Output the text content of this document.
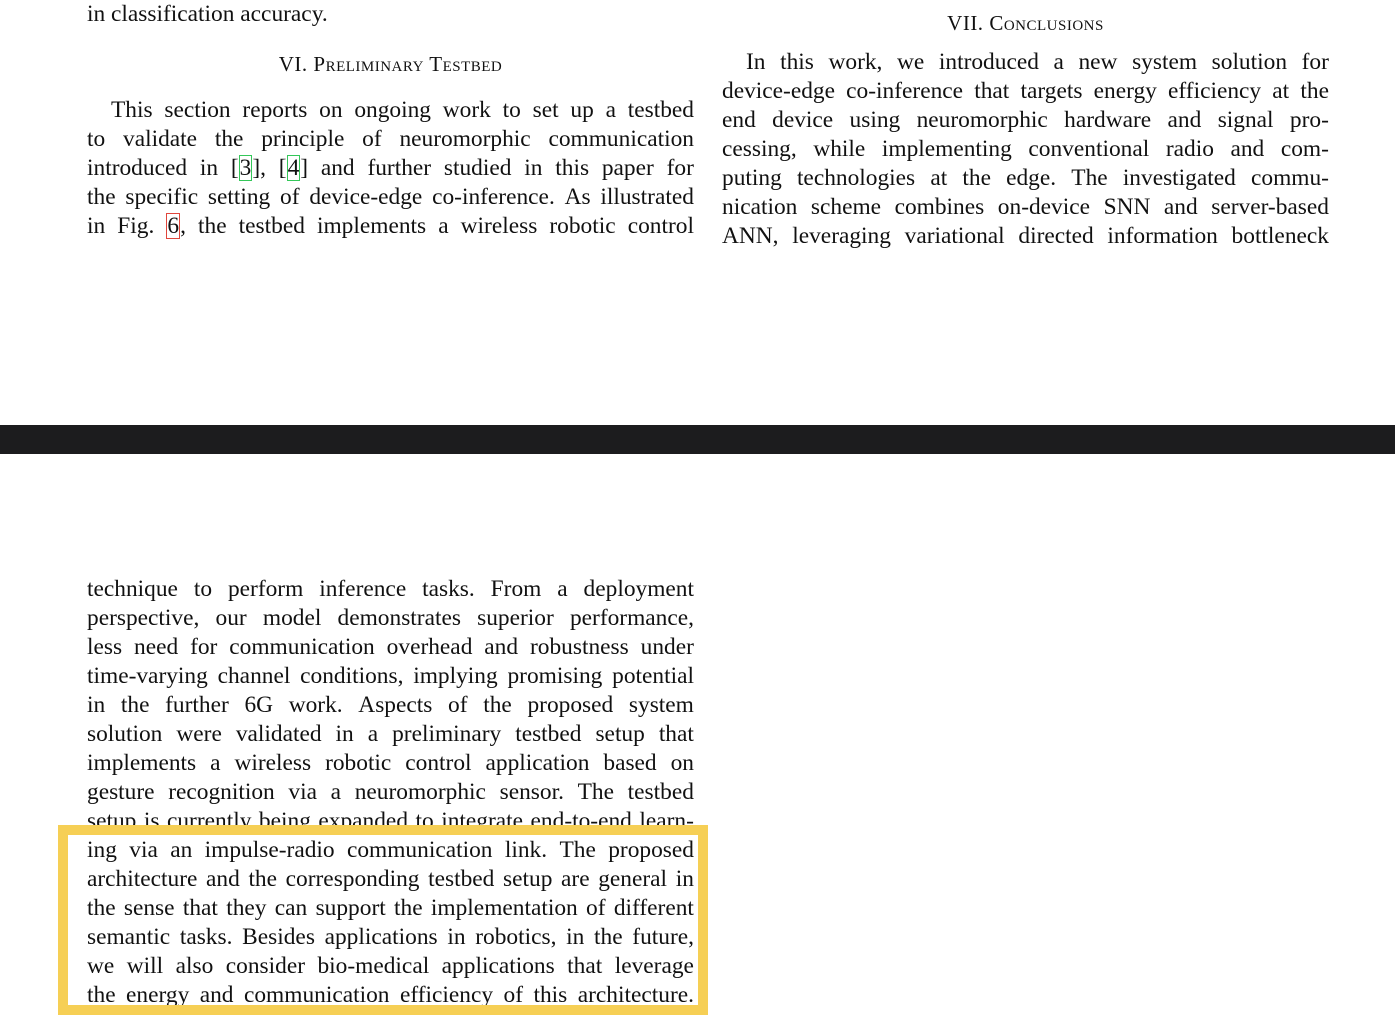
in classification accuracy.
VI. Preliminary Testbed
This section reports on ongoing work to set up a testbed
to validate the principle of neuromorphic communication
introduced in [3], [4] and further studied in this paper for
the specific setting of device-edge co-inference. As illustrated
in Fig. 6, the testbed implements a wireless robotic control
VII. Conclusions
In this work, we introduced a new system solution for
device-edge co-inference that targets energy efficiency at the
end device using neuromorphic hardware and signal pro-
cessing, while implementing conventional radio and com-
puting technologies at the edge. The investigated commu-
nication scheme combines on-device SNN and server-based
ANN, leveraging variational directed information bottleneck
technique to perform inference tasks. From a deployment
perspective, our model demonstrates superior performance,
less need for communication overhead and robustness under
time-varying channel conditions, implying promising potential
in the further 6G work. Aspects of the proposed system
solution were validated in a preliminary testbed setup that
implements a wireless robotic control application based on
gesture recognition via a neuromorphic sensor. The testbed
setup is currently being expanded to integrate end-to-end learn-
ing via an impulse-radio communication link. The proposed
architecture and the corresponding testbed setup are general in
the sense that they can support the implementation of different
semantic tasks. Besides applications in robotics, in the future,
we will also consider bio-medical applications that leverage
the energy and communication efficiency of this architecture.
